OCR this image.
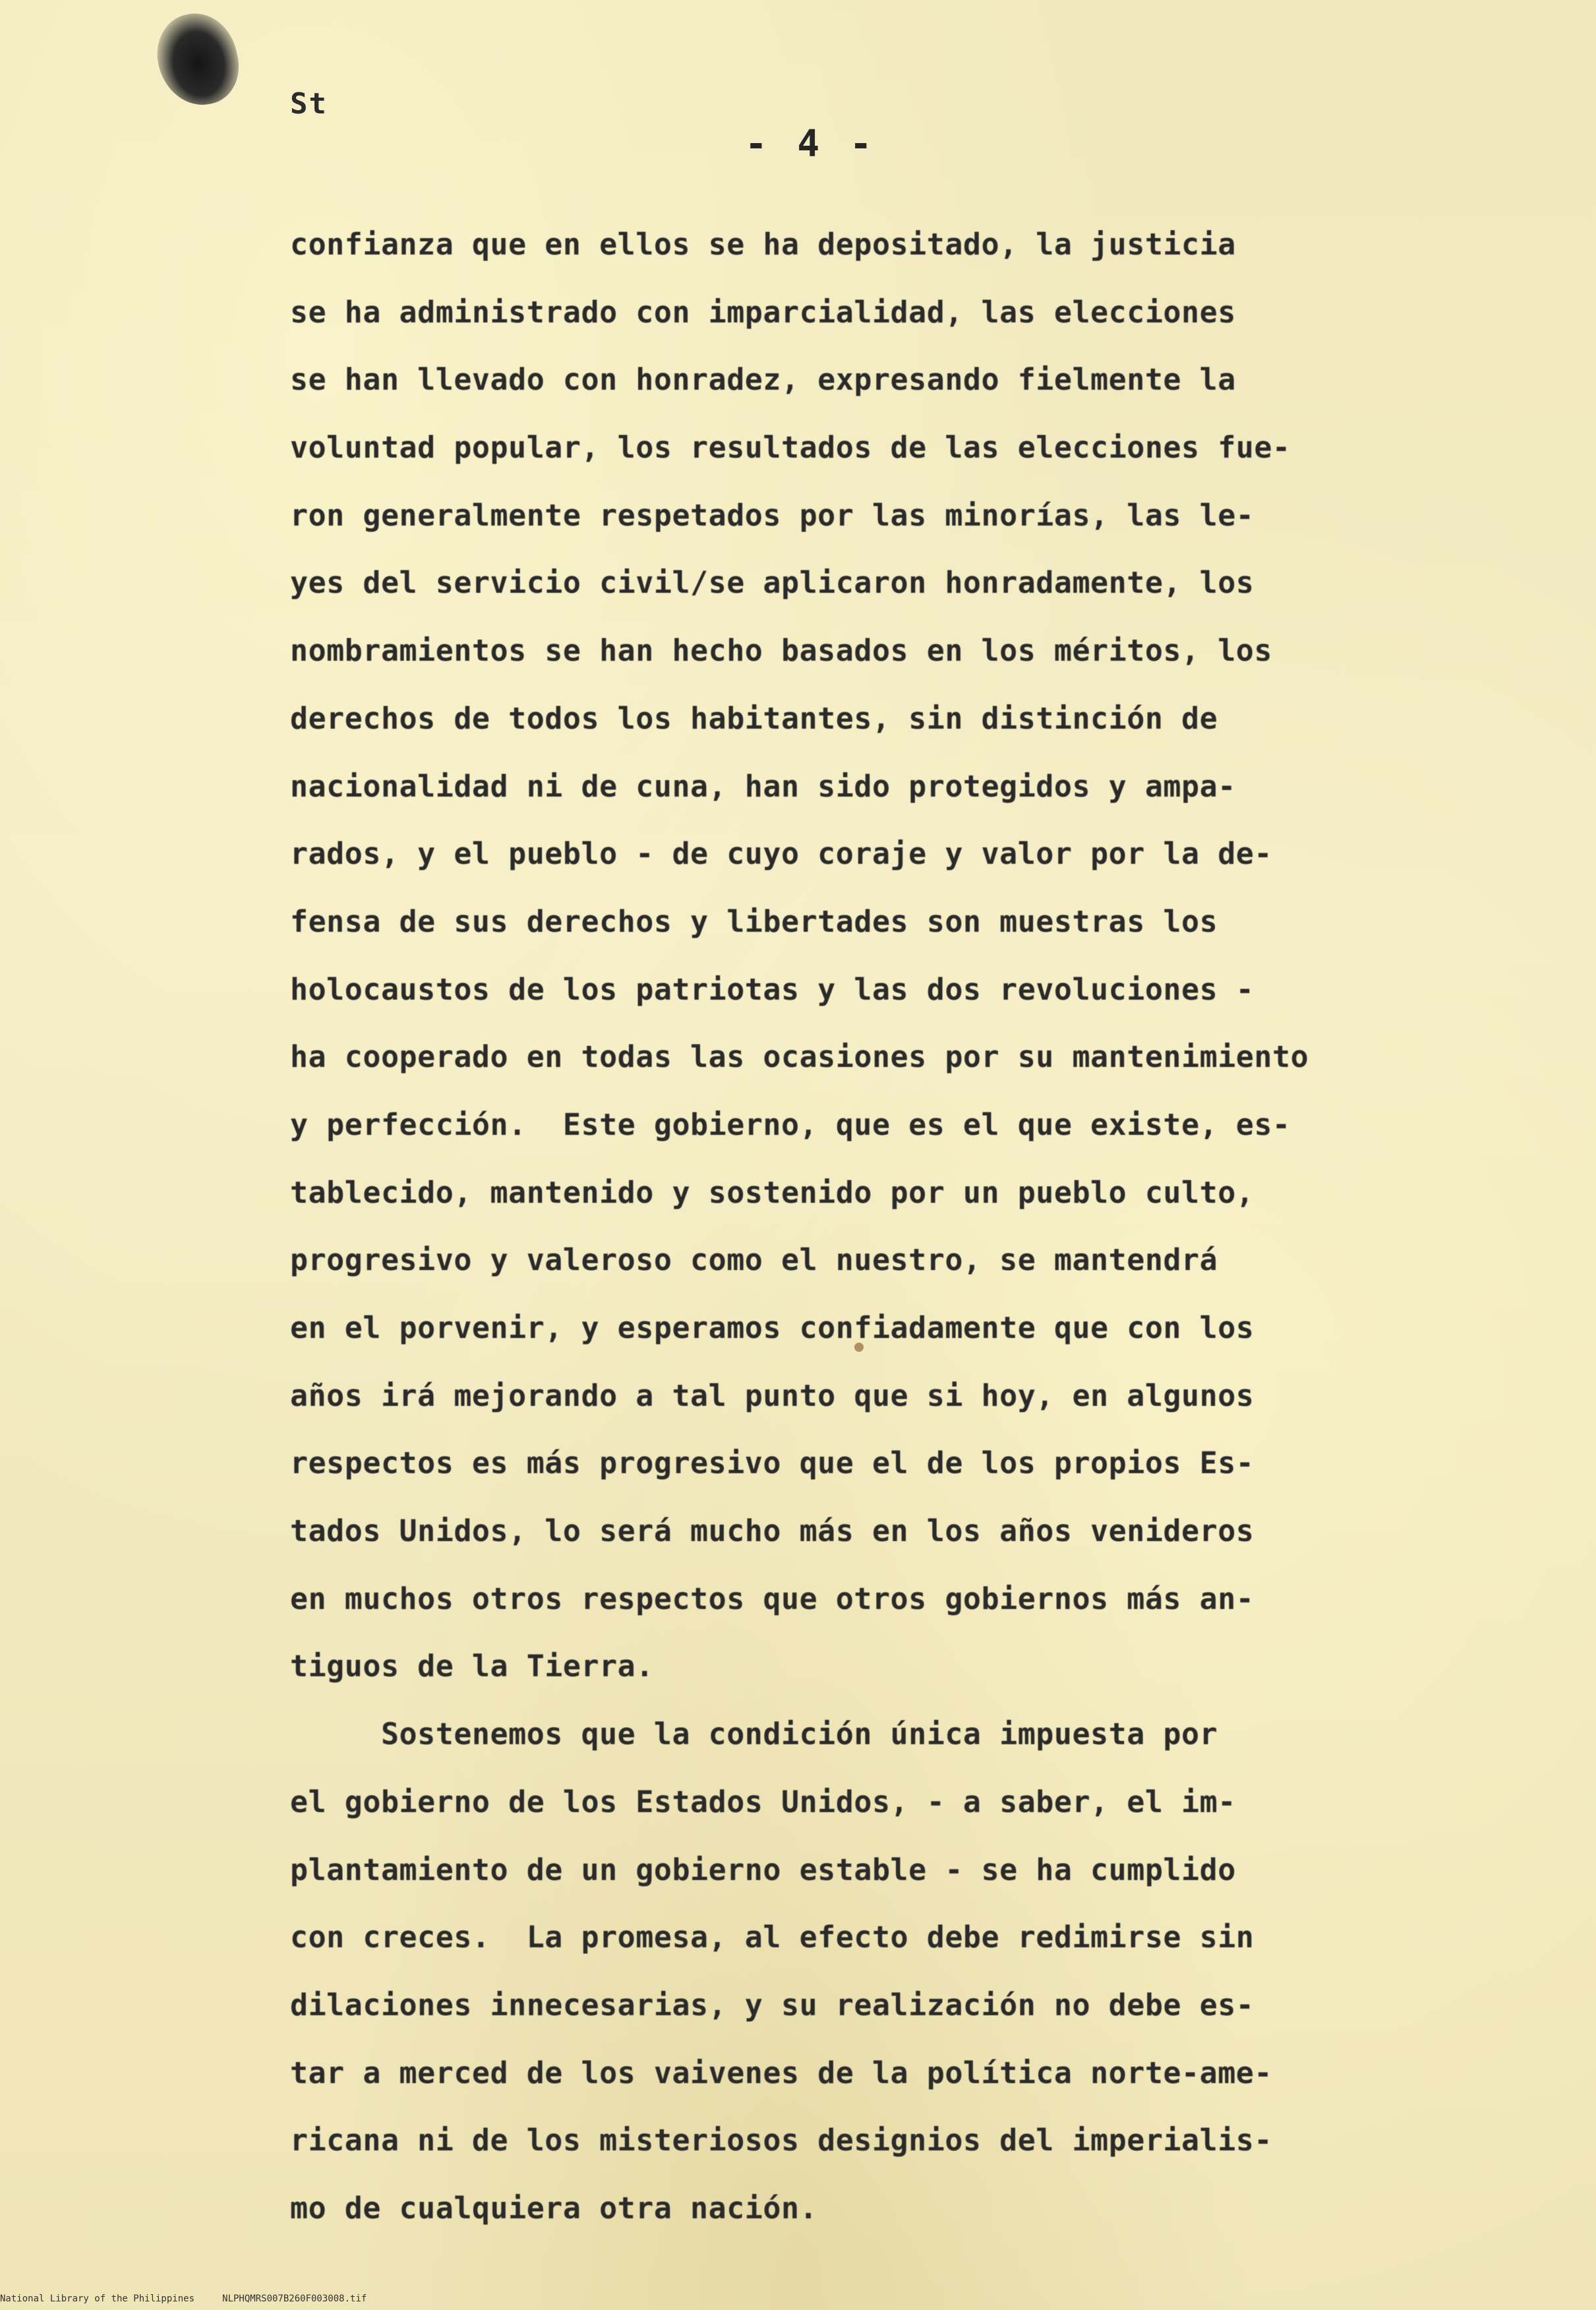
St
- 4 -
confianza que en ellos se ha depositado, la justicia
se ha administrado con imparcialidad, las elecciones
se han llevado con honradez, expresando fielmente la
voluntad popular, los resultados de las elecciones fue-
ron generalmente respetados por las minorías, las le-
yes del servicio civil/se aplicaron honradamente, los
nombramientos se han hecho basados en los méritos, los
derechos de todos los habitantes, sin distinción de
nacionalidad ni de cuna, han sido protegidos y ampa-
rados, y el pueblo - de cuyo coraje y valor por la de-
fensa de sus derechos y libertades son muestras los
holocaustos de los patriotas y las dos revoluciones -
ha cooperado en todas las ocasiones por su mantenimiento
y perfección.  Este gobierno, que es el que existe, es-
tablecido, mantenido y sostenido por un pueblo culto,
progresivo y valeroso como el nuestro, se mantendrá
en el porvenir, y esperamos confiadamente que con los
años irá mejorando a tal punto que si hoy, en algunos
respectos es más progresivo que el de los propios Es-
tados Unidos, lo será mucho más en los años venideros
en muchos otros respectos que otros gobiernos más an-
tiguos de la Tierra.
Sostenemos que la condición única impuesta por
el gobierno de los Estados Unidos, - a saber, el im-
plantamiento de un gobierno estable - se ha cumplido
con creces.  La promesa, al efecto debe redimirse sin
dilaciones innecesarias, y su realización no debe es-
tar a merced de los vaivenes de la política norte-ame-
ricana ni de los misteriosos designios del imperialis-
mo de cualquiera otra nación.
National Library of the Philippines     NLPHQMRS007B260F003008.tif
